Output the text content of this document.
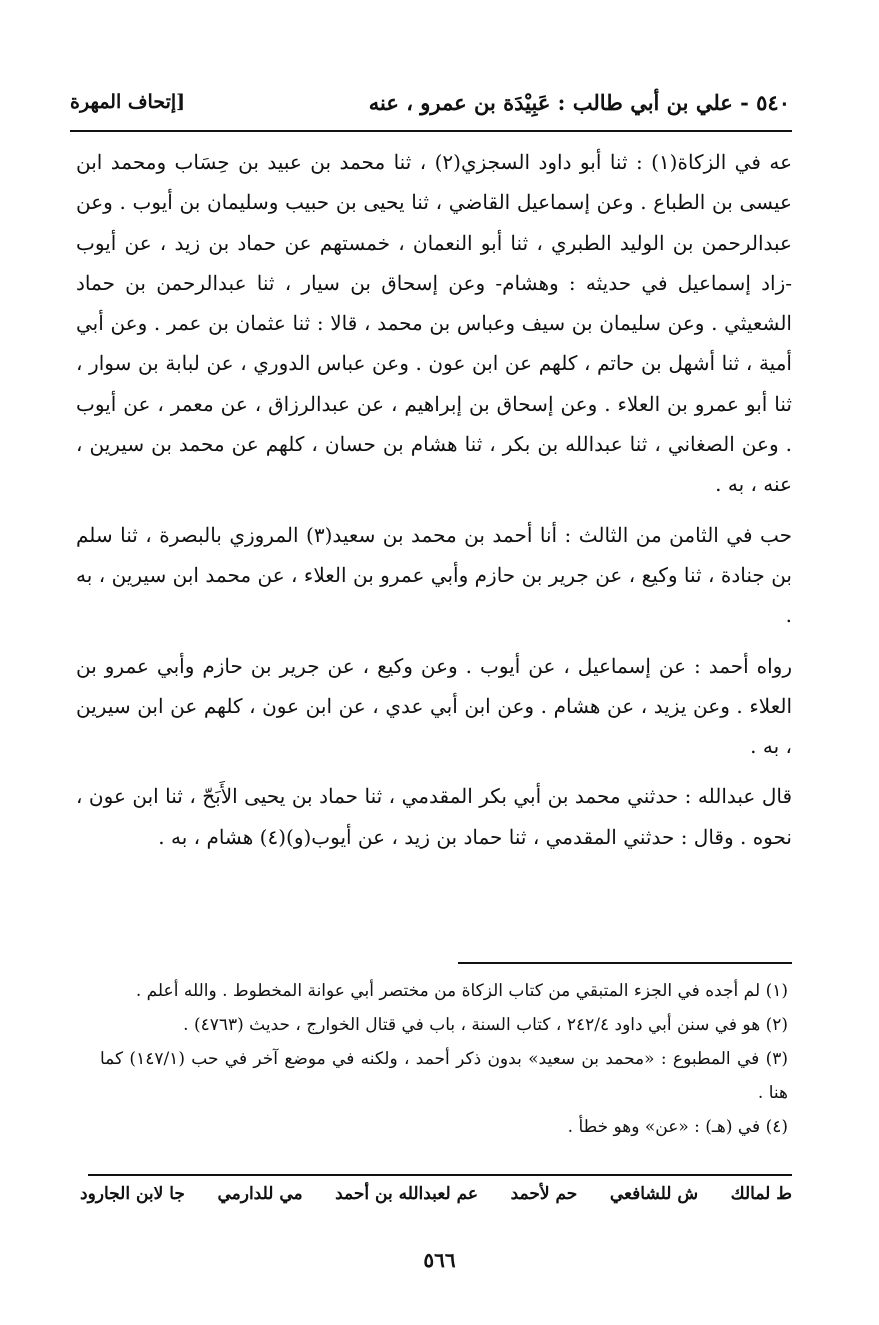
٥٤٠ - علي بن أبي طالب : عَبِيْدَة بن عمرو ، عنه
[إتحاف المهرة

عه في الزكاة(١) : ثنا أبو داود السجزي(٢) ، ثنا محمد بن عبيد بن حِسَاب ومحمد ابن عيسى بن الطباع . وعن إسماعيل القاضي ، ثنا يحيى بن حبيب وسليمان بن أيوب . وعن عبدالرحمن بن الوليد الطبري ، ثنا أبو النعمان ، خمستهم عن حماد بن زيد ، عن أيوب -زاد إسماعيل في حديثه : وهشام- وعن إسحاق بن سيار ، ثنا عبدالرحمن بن حماد الشعيثي . وعن سليمان بن سيف وعباس بن محمد ، قالا : ثنا عثمان بن عمر . وعن أبي أمية ، ثنا أشهل بن حاتم ، كلهم عن ابن عون . وعن عباس الدوري ، عن لبابة بن سوار ، ثنا أبو عمرو بن العلاء . وعن إسحاق بن إبراهيم ، عن عبدالرزاق ، عن معمر ، عن أيوب . وعن الصغاني ، ثنا عبدالله بن بكر ، ثنا هشام بن حسان ، كلهم عن محمد بن سيرين ، عنه ، به .

حب في الثامن من الثالث : أنا أحمد بن محمد بن سعيد(٣) المروزي بالبصرة ، ثنا سلم بن جنادة ، ثنا وكيع ، عن جرير بن حازم وأبي عمرو بن العلاء ، عن محمد ابن سيرين ، به .

رواه أحمد : عن إسماعيل ، عن أيوب . وعن وكيع ، عن جرير بن حازم وأبي عمرو بن العلاء . وعن يزيد ، عن هشام . وعن ابن أبي عدي ، عن ابن عون ، كلهم عن ابن سيرين ، به .

قال عبدالله : حدثني محمد بن أبي بكر المقدمي ، ثنا حماد بن يحيى الأَبَحّ ، ثنا ابن عون ، نحوه . وقال : حدثني المقدمي ، ثنا حماد بن زيد ، عن أيوب(و)(٤) هشام ، به .

(١) لم أجده في الجزء المتبقي من كتاب الزكاة من مختصر أبي عوانة المخطوط . والله أعلم .

(٢) هو في سنن أبي داود ٢٤٢/٤ ، كتاب السنة ، باب في قتال الخوارج ، حديث (٤٧٦٣) .

(٣) في المطبوع : «محمد بن سعيد» بدون ذكر أحمد ، ولكنه في موضع آخر في حب (١٤٧/١) كما هنا .

(٤) في (هـ) : «عن» وهو خطأ .

ط لمالك
ش للشافعي
حم لأحمد
عم لعبدالله بن أحمد
مي للدارمي
جا لابن الجارود
٥٦٦
